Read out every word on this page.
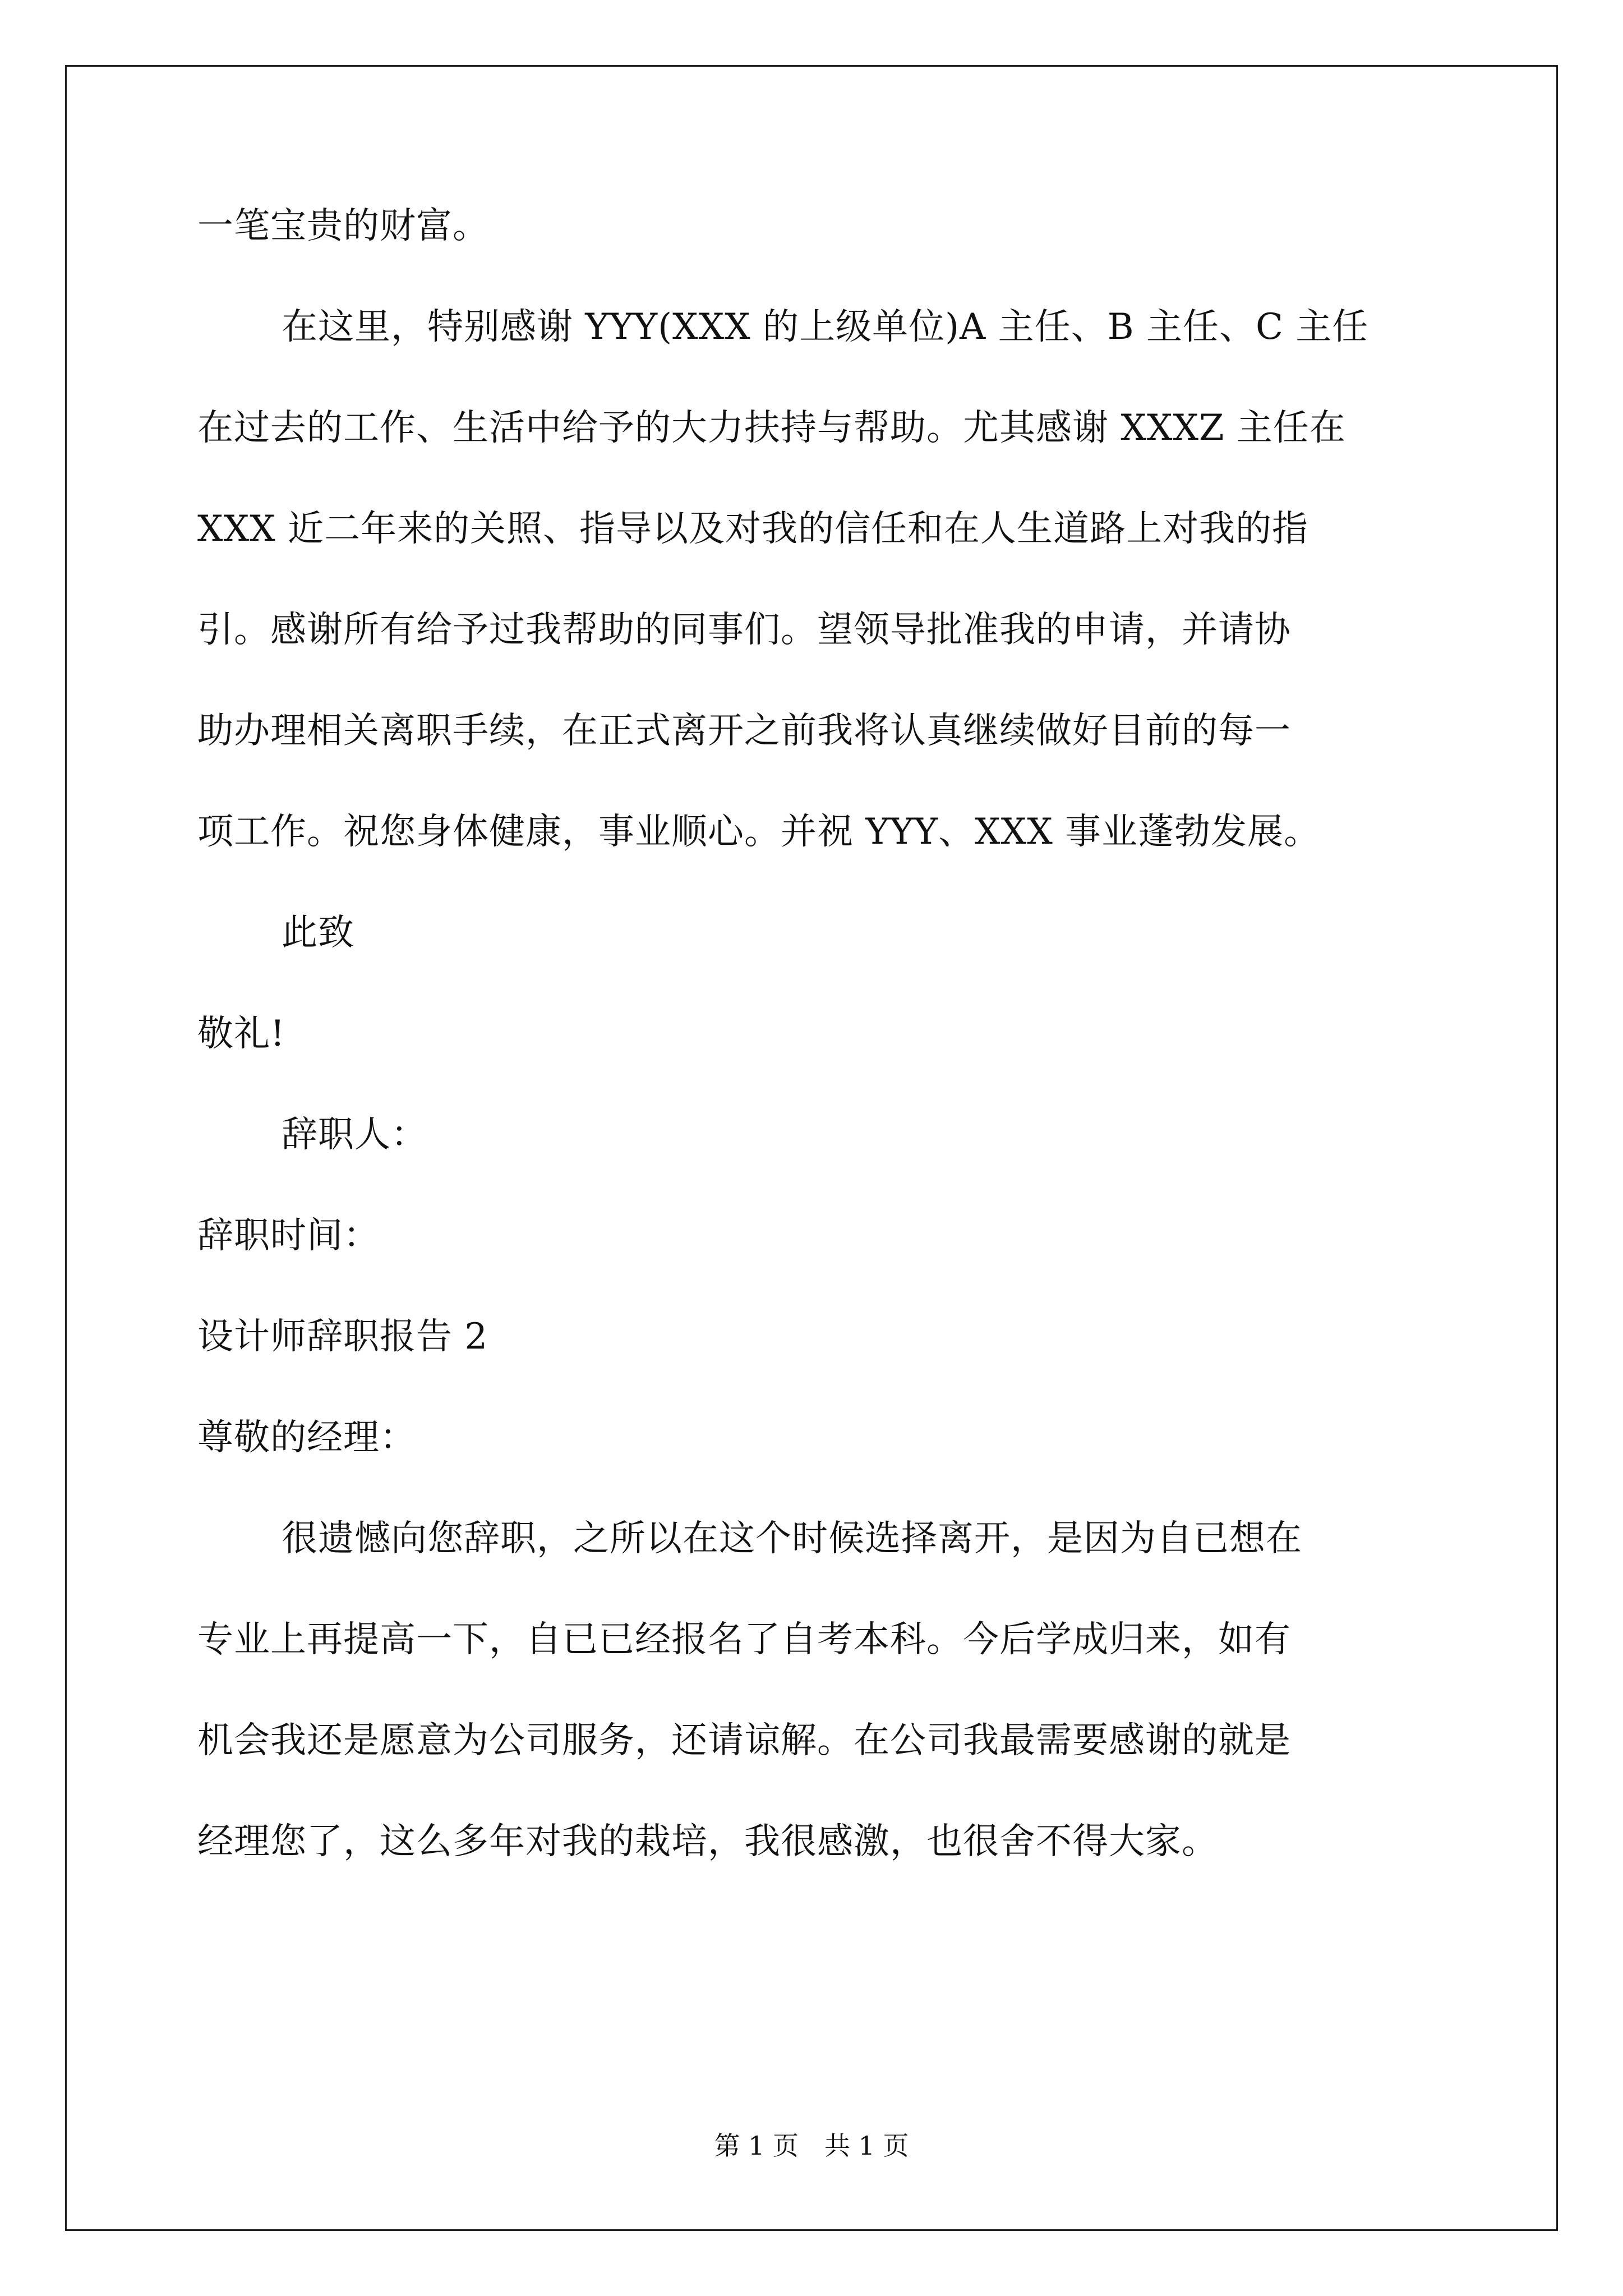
一笔宝贵的财富。
在这里，特别感谢 YYY(XXX 的上级单位)A 主任、B 主任、C 主任
在过去的工作、生活中给予的大力扶持与帮助。尤其感谢 XXXZ 主任在
XXX 近二年来的关照、指导以及对我的信任和在人生道路上对我的指
引。感谢所有给予过我帮助的同事们。望领导批准我的申请，并请协
助办理相关离职手续，在正式离开之前我将认真继续做好目前的每一
项工作。祝您身体健康，事业顺心。并祝 YYY、XXX 事业蓬勃发展。
此致
敬礼!
辞职人：
辞职时间：
设计师辞职报告 2
尊敬的经理：
很遗憾向您辞职，之所以在这个时候选择离开，是因为自已想在
专业上再提高一下，自已已经报名了自考本科。今后学成归来，如有
机会我还是愿意为公司服务，还请谅解。在公司我最需要感谢的就是
经理您了，这么多年对我的栽培，我很感激，也很舍不得大家。
第 1 页　共 1 页
